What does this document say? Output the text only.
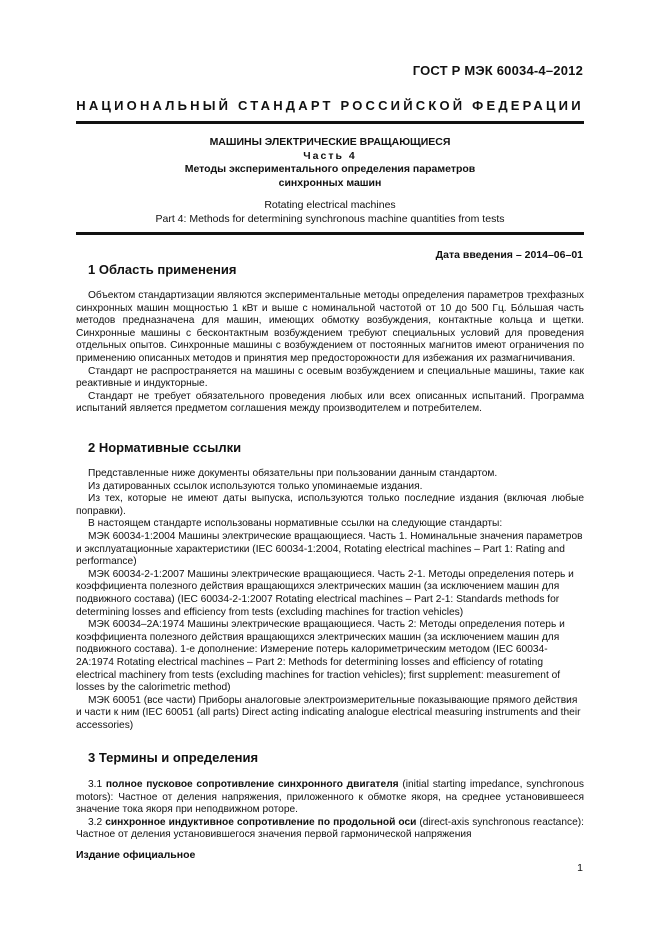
ГОСТ Р МЭК 60034-4–2012
НАЦИОНАЛЬНЫЙ СТАНДАРТ РОССИЙСКОЙ ФЕДЕРАЦИИ
МАШИНЫ ЭЛЕКТРИЧЕСКИЕ ВРАЩАЮЩИЕСЯ
Часть 4
Методы экспериментального определения параметров
синхронных машин
Rotating electrical machines
Part 4: Methods for determining synchronous machine quantities from tests
Дата введения – 2014–06–01
1 Область применения

Объектом стандартизации являются экспериментальные методы определения параметров трехфазных синхронных машин мощностью 1 кВт и выше с номинальной частотой от 10 до 500 Гц. Бóльшая часть методов предназначена для машин, имеющих обмотку возбуждения, контактные кольца и щетки. Синхронные машины с бесконтактным возбуждением требуют специальных условий для проведения отдельных опытов. Синхронные машины с возбуждением от постоянных магнитов имеют ограничения по применению описанных методов и принятия мер предосторожности для избежания их размагничивания.

Стандарт не распространяется на машины с осевым возбуждением и специальные машины, такие как реактивные и индукторные.

Стандарт не требует обязательного проведения любых или всех описанных испытаний. Программа испытаний является предметом соглашения между производителем и потребителем.

2 Нормативные ссылки

Представленные ниже документы обязательны при пользовании данным стандартом.

Из датированных ссылок используются только упоминаемые издания.

Из тех, которые не имеют даты выпуска, используются только последние издания (включая любые поправки).

В настоящем стандарте использованы нормативные ссылки на следующие стандарты:

МЭК 60034-1:2004 Машины электрические вращающиеся. Часть 1. Номинальные значения параметров и эксплуатационные характеристики (IEC 60034-1:2004, Rotating electrical machines – Part 1: Rating and performance)

МЭК 60034-2-1:2007 Машины электрические вращающиеся. Часть 2-1. Методы определения потерь и коэффициента полезного действия вращающихся электрических машин (за исключением машин для подвижного состава) (IEC 60034-2-1:2007 Rotating electrical machines – Part 2-1: Standards methods for determining losses and efficiency from tests (excluding machines for traction vehicles)

МЭК 60034–2А:1974 Машины электрические вращающиеся. Часть 2: Методы определения потерь и коэффициента полезного действия вращающихся электрических машин (за исключением машин для подвижного состава). 1-е дополнение: Измерение потерь калориметрическим методом (IEC 60034-2A:1974 Rotating electrical machines – Part 2: Methods for determining losses and efficiency of rotating electrical machinery from tests (excluding machines for traction vehicles); first supplement: measurement of losses by the calorimetric method)

МЭК 60051 (все части) Приборы аналоговые электроизмерительные показывающие прямого действия и части к ним (IEC 60051 (all parts) Direct acting indicating analogue electrical measuring instruments and their accessories)

3 Термины и определения

3.1 полное пусковое сопротивление синхронного двигателя (initial starting impedance, synchronous motors): Частное от деления напряжения, приложенного к обмотке якоря, на среднее установившееся значение тока якоря при неподвижном роторе.

3.2 синхронное индуктивное сопротивление по продольной оси (direct-axis synchronous reactance): Частное от деления установившегося значения первой гармонической напряжения

Издание официальное
1
